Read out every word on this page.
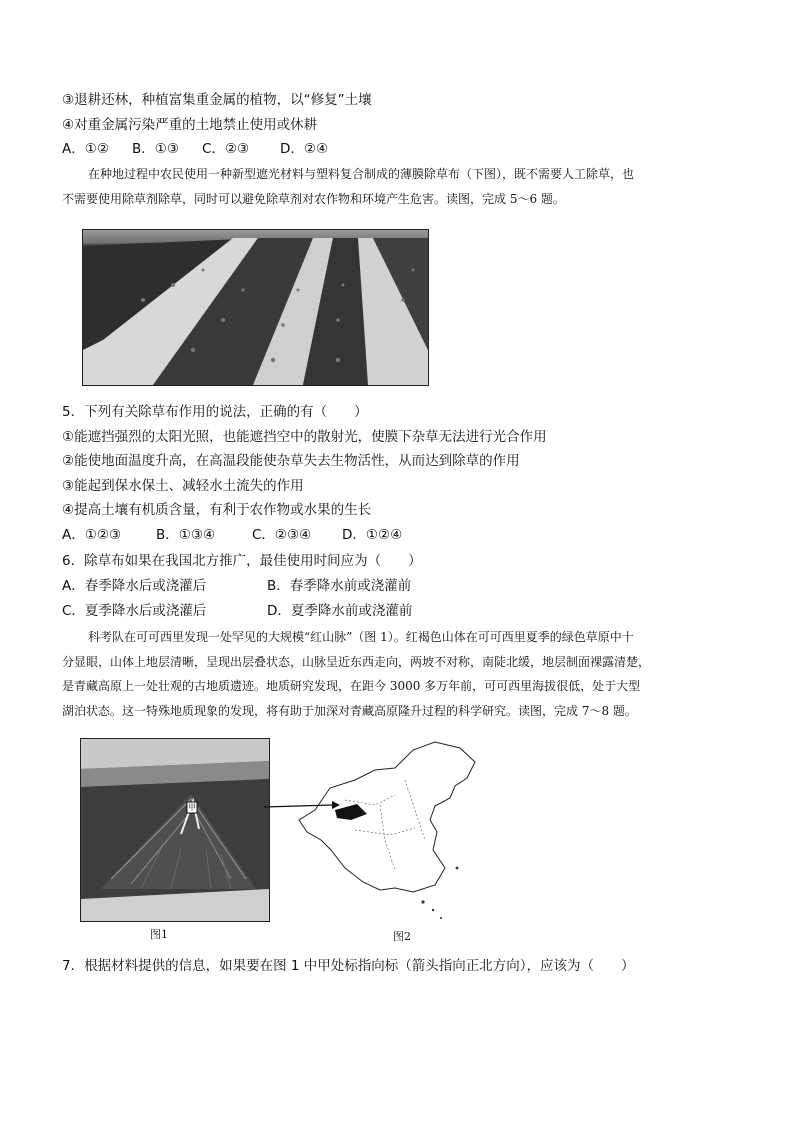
③退耕还林，种植富集重金属的植物，以“修复”土壤
④对重金属污染严重的土地禁止使用或休耕
A．①② B．①③ C．②③ D．②④
在种地过程中农民使用一种新型遮光材料与塑料复合制成的薄膜除草布（下图），既不需要人工除草，也
不需要使用除草剂除草，同时可以避免除草剂对农作物和环境产生危害。读图，完成 5～6 题。
5．下列有关除草布作用的说法，正确的有（　　）
①能遮挡强烈的太阳光照，也能遮挡空中的散射光，使膜下杂草无法进行光合作用
②能使地面温度升高，在高温段能使杂草失去生物活性，从而达到除草的作用
③能起到保水保土、减轻水土流失的作用
④提高土壤有机质含量，有利于农作物或水果的生长
A．①②③	B．①③④	C．②③④ D．①②④
6．除草布如果在我国北方推广，最佳使用时间应为（　　）
A．春季降水后或浇灌后	B．春季降水前或浇灌前
C．夏季降水后或浇灌后	D．夏季降水前或浇灌前
科考队在可可西里发现一处罕见的大规模“红山脉”（图 1）。红褐色山体在可可西里夏季的绿色草原中十
分显眼，山体上地层清晰，呈现出层叠状态，山脉呈近东西走向，两坡不对称，南陡北缓，地层制面裸露清楚，
是青藏高原上一处壮观的古地质遗迹。地质研究发现，在距今 3000 多万年前，可可西里海拔很低，处于大型
湖泊状态。这一特殊地质现象的发现，将有助于加深对青藏高原隆升过程的科学研究。读图，完成 7～8 题。
甲
图1	图2
7．根据材料提供的信息，如果要在图 1 中甲处标指向标（箭头指向正北方向），应该为（　　）
